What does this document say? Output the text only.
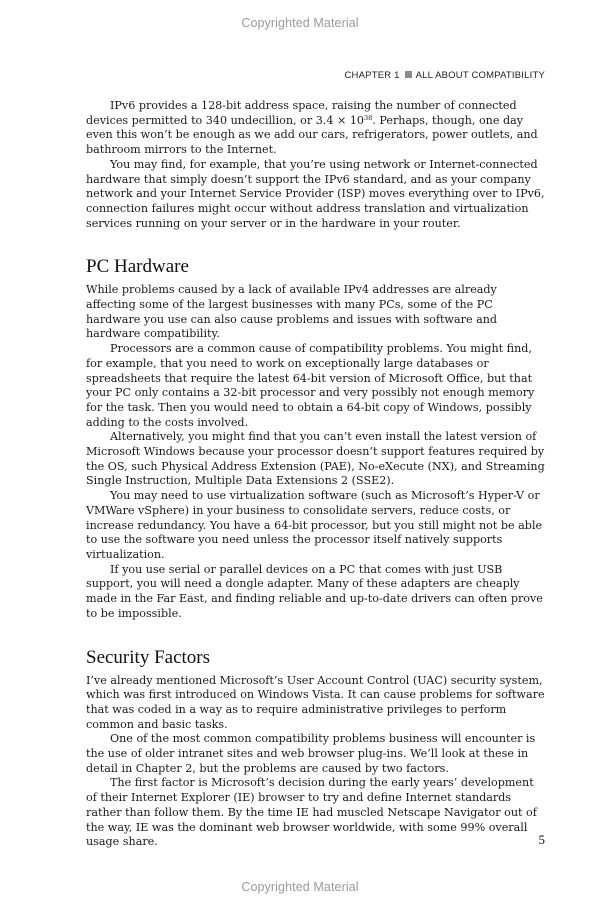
Copyrighted Material
CHAPTER 1 ALL ABOUT COMPATIBILITY

IPv6 provides a 128-bit address space, raising the number of connected devices permitted to 340 undecillion, or $3.4 \times 10^{38}$. Perhaps, though, one day even this won’t be enough as we add our cars, refrigerators, power outlets, and bathroom mirrors to the Internet.

You may find, for example, that you’re using network or Internet-connected hardware that simply doesn’t support the IPv6 standard, and as your company network and your Internet Service Provider (ISP) moves everything over to IPv6, connection failures might occur without address translation and virtualization services running on your server or in the hardware in your router.

PC Hardware

While problems caused by a lack of available IPv4 addresses are already affecting some of the largest businesses with many PCs, some of the PC hardware you use can also cause problems and issues with software and hardware compatibility.

Processors are a common cause of compatibility problems. You might find, for example, that you need to work on exceptionally large databases or spreadsheets that require the latest 64-bit version of Microsoft Office, but that your PC only contains a 32-bit processor and very possibly not enough memory for the task. Then you would need to obtain a 64-bit copy of Windows, possibly adding to the costs involved.

Alternatively, you might find that you can’t even install the latest version of Microsoft Windows because your processor doesn’t support features required by the OS, such Physical Address Extension (PAE), No-eXecute (NX), and Streaming Single Instruction, Multiple Data Extensions 2 (SSE2).

You may need to use virtualization software (such as Microsoft’s Hyper-V or VMWare vSphere) in your business to consolidate servers, reduce costs, or increase redundancy. You have a 64-bit processor, but you still might not be able to use the software you need unless the processor itself natively supports virtualization.

If you use serial or parallel devices on a PC that comes with just USB support, you will need a dongle adapter. Many of these adapters are cheaply made in the Far East, and finding reliable and up-to-date drivers can often prove to be impossible.

Security Factors

I’ve already mentioned Microsoft’s User Account Control (UAC) security system, which was first introduced on Windows Vista. It can cause problems for software that was coded in a way as to require administrative privileges to perform common and basic tasks.

One of the most common compatibility problems business will encounter is the use of older intranet sites and web browser plug-ins. We’ll look at these in detail in Chapter 2, but the problems are caused by two factors.

The first factor is Microsoft’s decision during the early years’ development of their Internet Explorer (IE) browser to try and define Internet standards rather than follow them. By the time IE had muscled Netscape Navigator out of the way, IE was the dominant web browser worldwide, with some 99% overall usage share.	5
Copyrighted Material
